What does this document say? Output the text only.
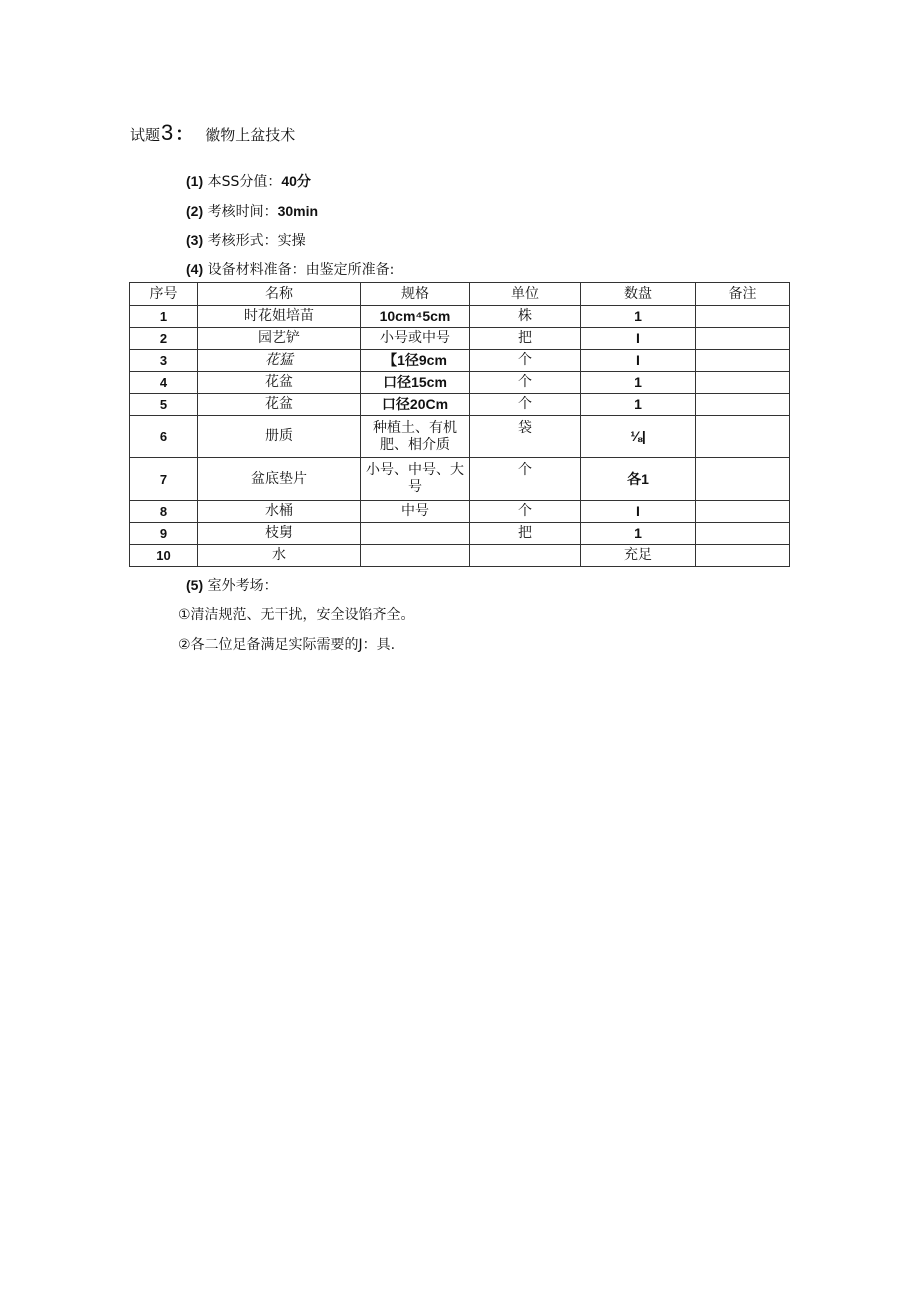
试题 3 ： 徽物上盆技术
(1) 本SS分值：40分
(2) 考核时间：30min
(3) 考核形式：实操
(4) 设备材料准备：由鉴定所准备:
序号	名称	规格	单位	数盘	备注
1	时花姐培苗	10cm⁴5cm	株	1	
2	园艺铲	小号或中号	把	I	
3	花猛	【1径9cm	个	I	
4	花盆	口径15cm	个	1	
5	花盆	口径20Cm	个	1	
6	册质	种植土、有机肥、相介质	袋	⅛|	
7	盆底垫片	小号、中号、大号	个	各1	
8	水桶	中号	个	I	
9	枝舅		把	1	
10	水			充足	
(5) 室外考场：
①清洁规范、无干扰，安全设馅齐全。
②各二位足备满足实际需要的J：具.
